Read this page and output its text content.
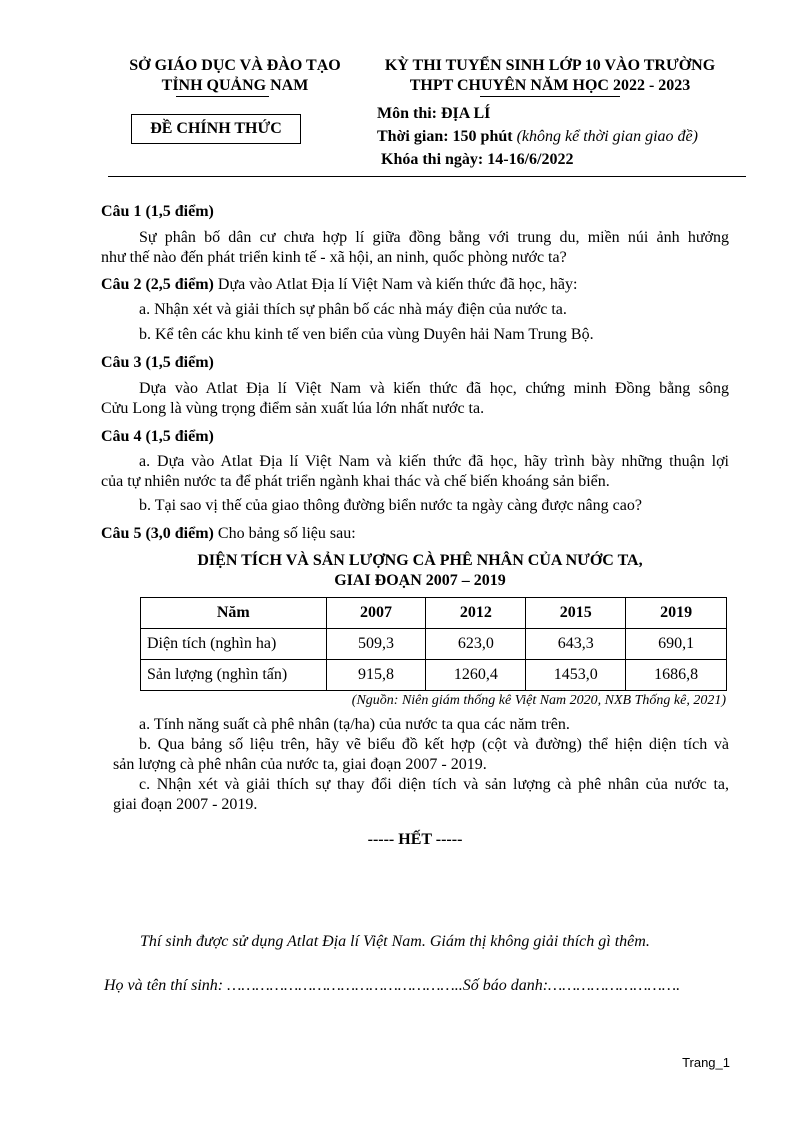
SỞ GIÁO DỤC VÀ ĐÀO TẠO
TỈNH QUẢNG NAM
KỲ THI TUYỂN SINH LỚP 10 VÀO TRƯỜNG
THPT CHUYÊN NĂM HỌC 2022 - 2023
ĐỀ CHÍNH THỨC
Môn thi: ĐỊA LÍ
Thời gian: 150 phút (không kể thời gian giao đề)
Khóa thi ngày: 14-16/6/2022
Câu 1 (1,5 điểm)
Sự phân bố dân cư chưa hợp lí giữa đồng bằng với trung du, miền núi ảnh hưởng
như thế nào đến phát triển kinh tế - xã hội, an ninh, quốc phòng nước ta?
Câu 2 (2,5 điểm) Dựa vào Atlat Địa lí Việt Nam và kiến thức đã học, hãy:
a. Nhận xét và giải thích sự phân bố các nhà máy điện của nước ta.
b. Kể tên các khu kinh tế ven biển của vùng Duyên hải Nam Trung Bộ.
Câu 3 (1,5 điểm)
Dựa vào Atlat Địa lí Việt Nam và kiến thức đã học, chứng minh Đồng bằng sông
Cửu Long là vùng trọng điểm sản xuất lúa lớn nhất nước ta.
Câu 4 (1,5 điểm)
a. Dựa vào Atlat Địa lí Việt Nam và kiến thức đã học, hãy trình bày những thuận lợi
của tự nhiên nước ta để phát triển ngành khai thác và chế biến khoáng sản biển.
b. Tại sao vị thế của giao thông đường biển nước ta ngày càng được nâng cao?
Câu 5 (3,0 điểm) Cho bảng số liệu sau:
DIỆN TÍCH VÀ SẢN LƯỢNG CÀ PHÊ NHÂN CỦA NƯỚC TA,
GIAI ĐOẠN 2007 – 2019
Năm	2007	2012	2015	2019
Diện tích (nghìn ha)	509,3	623,0	643,3	690,1
Sản lượng (nghìn tấn)	915,8	1260,4	1453,0	1686,8
(Nguồn: Niên giám thống kê Việt Nam 2020, NXB Thống kê, 2021)
a. Tính năng suất cà phê nhân (tạ/ha) của nước ta qua các năm trên.
b. Qua bảng số liệu trên, hãy vẽ biểu đồ kết hợp (cột và đường) thể hiện diện tích và
sản lượng cà phê nhân của nước ta, giai đoạn 2007 - 2019.
c. Nhận xét và giải thích sự thay đổi diện tích và sản lượng cà phê nhân của nước ta,
giai đoạn 2007 - 2019.
----- HẾT -----
Thí sinh được sử dụng Atlat Địa lí Việt Nam. Giám thị không giải thích gì thêm.
Họ và tên thí sinh: …………………………………………..Số báo danh:……………………….
Trang_1
